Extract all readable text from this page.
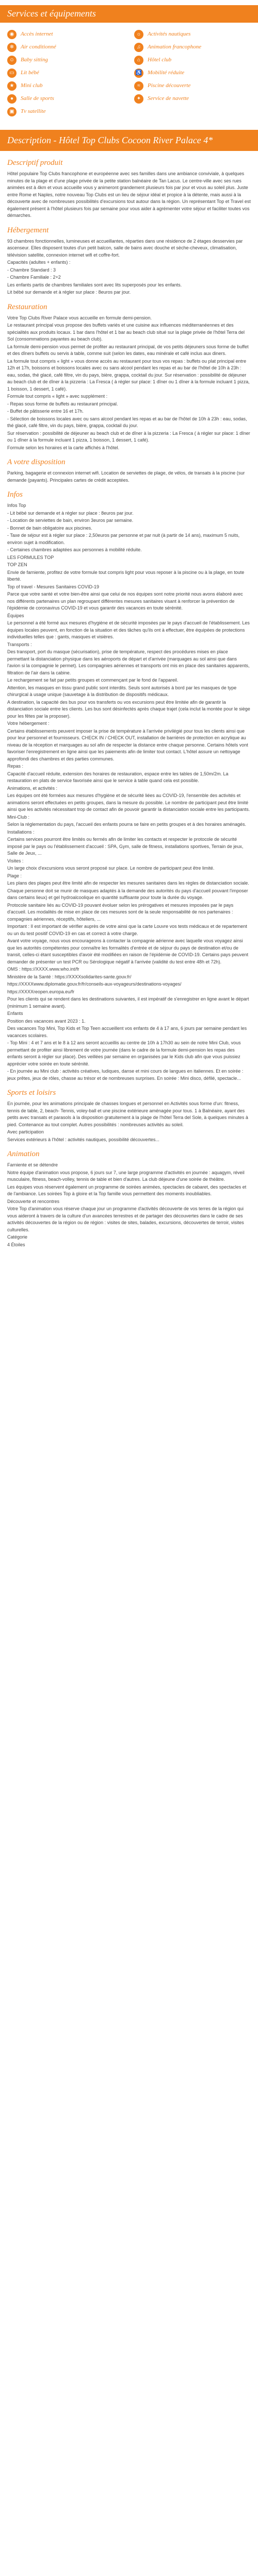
Services et équipements
◉	Accès internet	☼	Activités nautiques
❄	Air conditionné	♫	Animation francophone
☺	Baby sitting	⌂	Hôtel club
▭	Lit bébé	♿ Mobilité réduite
★	Mini club	≈	Piscine découverte
●	Salle de sports	✦	Service de navette
▣	Tv satellite
Description - Hôtel Top Clubs Cocoon River Palace 4*
Descriptif produit

Hôtel populaire Top Clubs francophone et européenne avec ses familles dans une ambiance conviviale, à quelques minutes de la plage et d'une plage privée de la petite station balnéaire de Tan Lacus. Le centre-ville avec ses rues animées est à 4km et vous accueille vous y animeront grandement plusieurs fois par jour et vous au soleil plus. Juste entre Rome et Naples, notre nouveau Top Clubs est un lieu de séjour idéal et propice à la détente, mais aussi à la découverte avec de nombreuses possibilités d'excursions tout autour dans la région. Un représentant Top et Travel est également présent à l'hôtel plusieurs fois par semaine pour vous aider à agrémenter votre séjour et faciliter toutes vos démarches.

Hébergement

93 chambres fonctionnelles, lumineuses et accueillantes, réparties dans une résidence de 2 étages desservies par ascenseur. Elles disposent toutes d'un petit balcon, salle de bains avec douche et sèche-cheveux, climatisation, télévision satellite, connexion internet wifi et coffre-fort.

Capacités (adultes + enfants) :

- Chambre Standard : 3

- Chambre Familiale : 2+2

Les enfants partis de chambres familiales sont avec lits superposés pour les enfants.

Lit bébé sur demande et à régler sur place : 8euros par jour.

Restauration

Votre Top Clubs River Palace vous accueille en formule demi-pension.

Le restaurant principal vous propose des buffets variés et une cuisine aux influences méditerranéennes et des spécialités aux produits locaux. 1 bar dans l'hôtel et 1 bar au beach club situé sur la plage privée de l'hôtel Terra del Sol (consommations payantes au beach club).

La formule demi-pension vous permet de profiter au restaurant principal, de vos petits déjeuners sous forme de buffet et des dîners buffets ou servis à table, comme suit (selon les dates, eau minérale et café inclus aux diners.

La formule tout compris « light » vous donne accès au restaurant pour tous vos repas : buffets ou plat principal entre 12h et 17h, boissons et boissons locales avec ou sans alcool pendant les repas et au bar de l'hôtel de 10h à 23h : eau, sodas, thé glacé, café filtre, vin du pays, bière, grappa, cocktail du jour. Sur réservation : possibilité de déjeuner au beach club et de dîner à la pizzeria : La Fresca ( à régler sur place: 1 dîner ou 1 dîner à la formule incluant 1 pizza, 1 boisson, 1 dessert, 1 café).

Formule tout compris « light » avec supplément :

- Repas sous forme de buffets au restaurant principal.

- Buffet de pâtisserie entre 16 et 17h.

- Sélection de boissons locales avec ou sans alcool pendant les repas et au bar de l'hôtel de 10h à 23h : eau, sodas, thé glacé, café filtre, vin du pays, bière, grappa, cocktail du jour.

Sur réservation : possibilité de déjeuner au beach club et de dîner à la pizzeria : La Fresca ( à régler sur place: 1 dîner ou 1 dîner à la formule incluant 1 pizza, 1 boisson, 1 dessert, 1 café).

Formule selon les horaires et la carte affichés à l'hôtel.

A votre disposition

Parking, bagagerie et connexion internet wifi. Location de serviettes de plage, de vélos, de transats à la piscine (sur demande (payants). Principales cartes de crédit acceptées.

Infos

Infos Top

- Lit bébé sur demande et à régler sur place : 8euros par jour.

- Location de serviettes de bain, environ 3euros par semaine.

- Bonnet de bain obligatoire aux piscines.

- Taxe de séjour est à régler sur place : 2,50euros par personne et par nuit (à partir de 14 ans), maximum 5 nuits, environ sujet à modification.

- Certaines chambres adaptées aux personnes à mobilité réduite.

LES FORMULES TOP

TOP ZEN

Envie de farniente, profitez de votre formule tout compris light pour vous reposer à la piscine ou à la plage, en toute liberté.

Top of travel - Mesures Sanitaires COVID-19

Parce que votre santé et votre bien-être ainsi que celui de nos équipes sont notre priorité nous avons élaboré avec nos différents partenaires un plan regroupant différentes mesures sanitaires visant à renforcer la prévention de l'épidémie de coronavirus COVID-19 et vous garantir des vacances en toute sérénité.

Équipes

Le personnel a été formé aux mesures d'hygiène et de sécurité imposées par le pays d'accueil de l'établissement. Les équipes locales peuvent, en fonction de la situation et des tâches qu'ils ont à effectuer, être équipées de protections individuelles telles que : gants, masques et visières.

Transports :

Des transport, port du masque (sécurisation), prise de température, respect des procédures mises en place permettant la distanciation physique dans les aéroports de départ et d'arrivée (marquages au sol ainsi que dans l'avion si la compagnie le permet). Les compagnies aériennes et transports ont mis en place des sanitaires apparents, filtration de l'air dans la cabine.

Le rechargement se fait par petits groupes et commençant par le fond de l'appareil.

Attention, les masques en tissu grand public sont interdits. Seuls sont autorisés à bord par les masques de type chirurgical à usage unique (sauvetage à la distribution de dispositifs médicaux.

A destination, la capacité des bus pour vos transferts ou vos excursions peut être limitée afin de garantir la distanciation sociale entre les clients. Les bus sont désinfectés après chaque trajet (cela inclut la montée pour le siège pour les fêtes par la proposer).

Votre hébergement :

Certains établissements peuvent imposer la prise de température à l'arrivée privilégié pour tous les clients ainsi que pour leur personnel et fournisseurs. CHECK IN / CHECK OUT, installation de barrières de protection en acrylique au niveau de la réception et marquages au sol afin de respecter la distance entre chaque personne. Certains hôtels vont favoriser l'enregistrement en ligne ainsi que les paiements afin de limiter tout contact. L'hôtel assure un nettoyage approfondi des chambres et des parties communes.

Repas :

Capacité d'accueil réduite, extension des horaires de restauration, espace entre les tables de 1,50m/2m. La restauration en plats de service favorisée ainsi que le service à table quand cela est possible.

Animations, et activités :

Les équipes ont été formées aux mesures d'hygiène et de sécurité liées au COVID-19, l'ensemble des activités et animations seront effectuées en petits groupes, dans la mesure du possible. Le nombre de participant peut être limité ainsi que les activités nécessitant trop de contact afin de pouvoir garantir la distanciation sociale entre les participants.

Mini-Club :

Selon la réglementation du pays, l'accueil des enfants pourra se faire en petits groupes et à des horaires aménagés.

Installations :

Certains services pourront être limités ou fermés afin de limiter les contacts et respecter le protocole de sécurité imposé par le pays ou l'établissement d'accueil : SPA, Gym, salle de fitness, installations sportives, Terrain de jeux, Salle de Jeux, ...

Visites :

Un large choix d'excursions vous seront proposé sur place. Le nombre de participant peut être limité.

Plage :

Les plans des plages peut être limité afin de respecter les mesures sanitaires dans les règles de distanciation sociale.

Chaque personne doit se munir de masques adaptés à la demande des autorités du pays d'accueil pouvant l'imposer dans certains lieux) et gel hydroalcoolique en quantité suffisante pour toute la durée du voyage.

Protocole sanitaire liés au COVID-19 pouvant évoluer selon les prérogatives et mesures imposées par le pays d'accueil. Les modalités de mise en place de ces mesures sont de la seule responsabilité de nos partenaires : compagnies aériennes, réceptifs, hôteliers, ...

Important : Il est important de vérifier auprès de votre ainsi que la carte Louvre vos tests médicaux et de repartement ou un du test positif COVID-19 en cas et correct à votre charge.

Avant votre voyage, nous vous encourageons à contacter la compagnie aérienne avec laquelle vous voyagez ainsi que les autorités compétentes pour connaître les formalités d'entrée et de séjour du pays de destination et/ou de transit, celles-ci étant susceptibles d'avoir été modifiées en raison de l'épidémie de COVID-19. Certains pays peuvent demander de présenter un test PCR ou Sérologique négatif à l'arrivée (validité du test entre 48h et 72h).

OMS : https://XXXX.www.who.int/fr

Ministère de la Santé : https://XXXXsolidarites-sante.gouv.fr/

https://XXXXwww.diplomatie.gouv.fr/fr/conseils-aux-voyageurs/destinations-voyages/

https://XXXXreopen.europa.eu/fr

Pour les clients qui se rendent dans les destinations suivantes, il est impératif de s'enregistrer en ligne avant le départ (minimum 1 semaine avant).

Enfants

Position des vacances avant 2023 : 1.

Des vacances Top Mini, Top Kids et Top Teen accueillent vos enfants de 4 à 17 ans, 6 jours par semaine pendant les vacances scolaires.

- Top Mini : 4 et 7 ans et le 8 à 12 ans seront accueillis au centre de 10h à 17h30 au sein de notre Mini Club, vous permettant de profiter ainsi librement de votre journée (dans le cadre de la formule demi-pension les repas des enfants seront à régler sur place). Des veillées par semaine en organisées par le Kids club afin que vous puissiez apprécier votre soirée en toute sérénité.

- En journée au Mini club : activités créatives, ludiques, danse et mini cours de langues en italiennes. Et en soirée : jeux prêtes, jeux de rôles, chasse au trésor et de nombreuses surprises. En soirée : Mini disco, défilé, spectacle...

Sports et loisirs

En journée, pour les animations principale de chasses longues et personnel en Activités sous forme d'un: fitness, tennis de table, 2, beach- Tennis, voley-ball et une piscine extérieure aménagée pour tous. 1 à Balnéaire, ayant des petits avec transats et parasols à la disposition gratuitement à la plage de l'hôtel Terra del Sole, à quelques minutes à pied. Contenance au tout complet. Autres possibilités : nombreuses activités au soleil.

Avec participation

Services extérieurs à l'hôtel : activités nautiques, possibilité découvertes...

Animation

Farniente et se détendre

Notre équipe d'animation vous propose, 6 jours sur 7, une large programme d'activités en journée : aquagym, réveil musculaire, fitness, beach-volley, tennis de table et bien d'autres. La club déjeune d'une soirée de théâtre.

Les équipes vous réservent également un programme de soirées animées, spectacles de cabaret, des spectacles et de l'ambiance. Les soirées Top à gloire et la Top famille vous permettent des moments inoubliables.

Découverte et rencontres

Votre Top d'animation vous réserve chaque jour un programme d'activités découverte de vos terres de la région qui vous aideront à travers de la culture d'un avancées terrestres et de partager des découvertes dans le cadre de ses activités découvertes de la région ou de région : visites de sites, balades, excursions, découvertes de terroir, visites culturelles.

Catégorie

4 Étoiles
